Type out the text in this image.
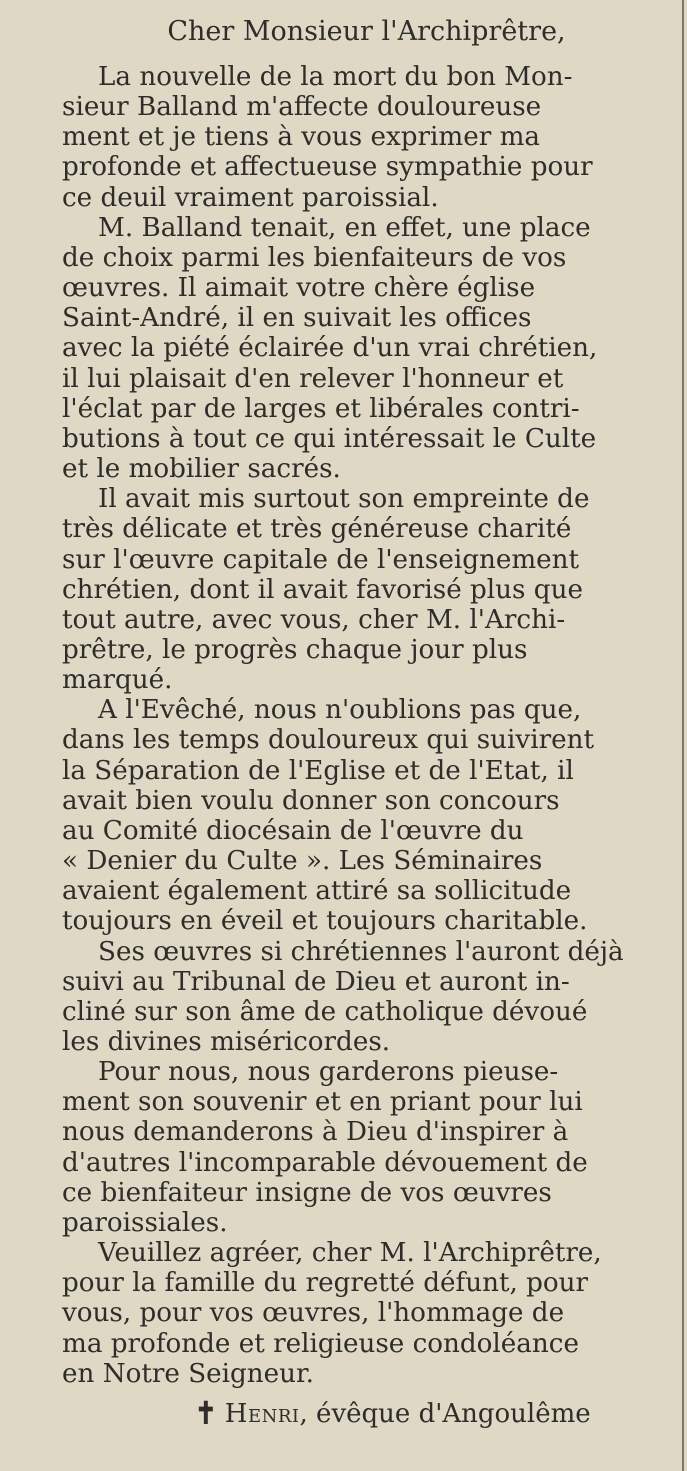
Cher Monsieur l'Archiprêtre,
La nouvelle de la mort du bon Mon-
sieur Balland m'affecte douloureuse
ment et je tiens à vous exprimer ma
profonde et affectueuse sympathie pour
ce deuil vraiment paroissial.
M. Balland tenait, en effet, une place
de choix parmi les bienfaiteurs de vos
œuvres. Il aimait votre chère église
Saint-André, il en suivait les offices
avec la piété éclairée d'un vrai chrétien,
il lui plaisait d'en relever l'honneur et
l'éclat par de larges et libérales contri-
butions à tout ce qui intéressait le Culte
et le mobilier sacrés.
Il avait mis surtout son empreinte de
très délicate et très généreuse charité
sur l'œuvre capitale de l'enseignement
chrétien, dont il avait favorisé plus que
tout autre, avec vous, cher M. l'Archi-
prêtre, le progrès chaque jour plus
marqué.
A l'Evêché, nous n'oublions pas que,
dans les temps douloureux qui suivirent
la Séparation de l'Eglise et de l'Etat, il
avait bien voulu donner son concours
au Comité diocésain de l'œuvre du
« Denier du Culte ». Les Séminaires
avaient également attiré sa sollicitude
toujours en éveil et toujours charitable.
Ses œuvres si chrétiennes l'auront déjà
suivi au Tribunal de Dieu et auront in-
cliné sur son âme de catholique dévoué
les divines miséricordes.
Pour nous, nous garderons pieuse-
ment son souvenir et en priant pour lui
nous demanderons à Dieu d'inspirer à
d'autres l'incomparable dévouement de
ce bienfaiteur insigne de vos œuvres
paroissiales.
Veuillez agréer, cher M. l'Archiprêtre,
pour la famille du regretté défunt, pour
vous, pour vos œuvres, l'hommage de
ma profonde et religieuse condoléance
en Notre Seigneur.
✝ Henri, évêque d'Angoulême
